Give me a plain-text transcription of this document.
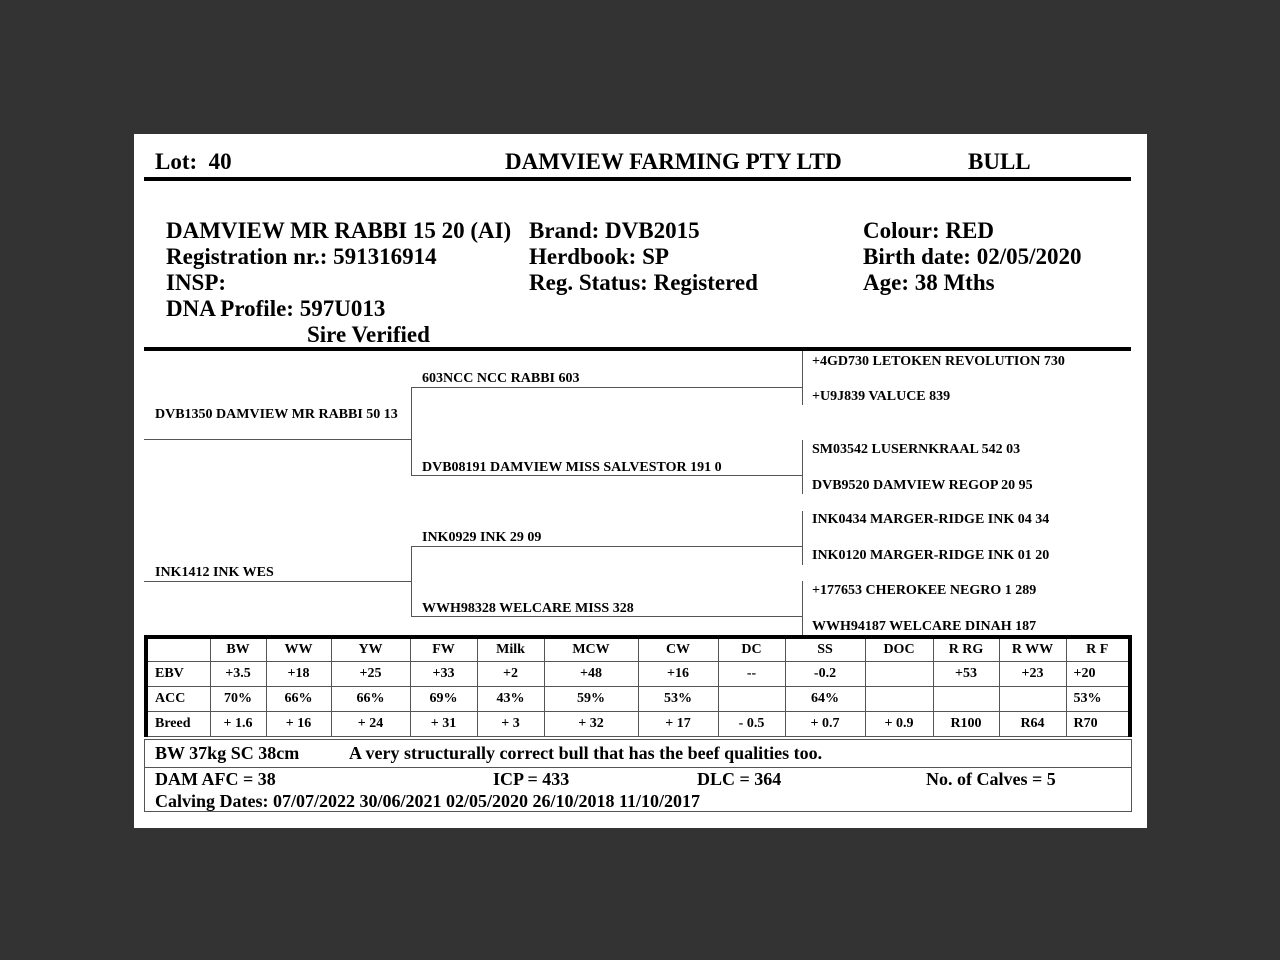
Lot: 40	DAMVIEW FARMING PTY LTD	BULL
DAMVIEW MR RABBI 15 20 (AI)
Registration nr.: 591316914
INSP:
DNA Profile: 597U013
Sire Verified
Brand: DVB2015
Herdbook: SP
Reg. Status: Registered
Colour: RED
Birth date: 02/05/2020
Age: 38 Mths
DVB1350 DAMVIEW MR RABBI 50 13
603NCC NCC RABBI 603
DVB08191 DAMVIEW MISS SALVESTOR 191 0
INK1412 INK WES
INK0929 INK 29 09
WWH98328 WELCARE MISS 328
+4GD730 LETOKEN REVOLUTION 730
+U9J839 VALUCE 839
SM03542 LUSERNKRAAL 542 03
DVB9520 DAMVIEW REGOP 20 95
INK0434 MARGER-RIDGE INK 04 34
INK0120 MARGER-RIDGE INK 01 20
+177653 CHEROKEE NEGRO 1 289
WWH94187 WELCARE DINAH 187
	BW	WW	YW	FW	Milk	MCW	CW	DC	SS	DOC	R RG	R WW	R F
EBV	+3.5	+18	+25	+33	+2	+48	+16	--	-0.2		+53	+23	+20
ACC	70%	66%	66%	69%	43%	59%	53%		64%				53%
Breed	+ 1.6	+ 16	+ 24	+ 31	+ 3	+ 32	+ 17	- 0.5	+ 0.7	+ 0.9	R100	R64	R70
BW 37kg SC 38cm	A very structurally correct bull that has the beef qualities too.
DAM AFC = 38	ICP = 433	DLC = 364	No. of Calves = 5
Calving Dates: 07/07/2022 30/06/2021 02/05/2020 26/10/2018 11/10/2017
